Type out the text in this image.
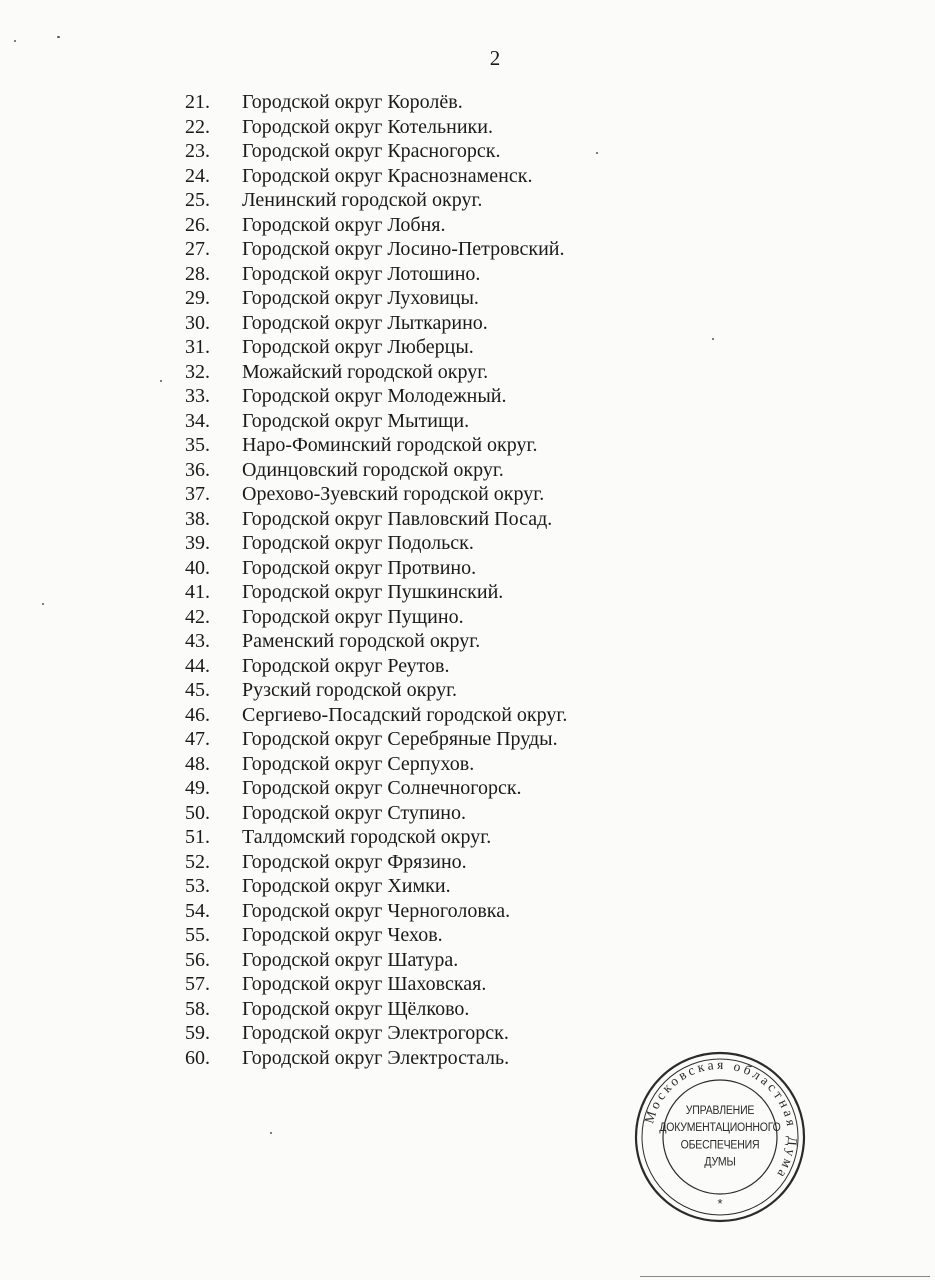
2
21. Городской округ Королёв.
22. Городской округ Котельники.
23. Городской округ Красногорск.
24. Городской округ Краснознаменск.
25. Ленинский городской округ.
26. Городской округ Лобня.
27. Городской округ Лосино-Петровский.
28. Городской округ Лотошино.
29. Городской округ Луховицы.
30. Городской округ Лыткарино.
31. Городской округ Люберцы.
32. Можайский городской округ.
33. Городской округ Молодежный.
34. Городской округ Мытищи.
35. Наро-Фоминский городской округ.
36. Одинцовский городской округ.
37. Орехово-Зуевский городской округ.
38. Городской округ Павловский Посад.
39. Городской округ Подольск.
40. Городской округ Протвино.
41. Городской округ Пушкинский.
42. Городской округ Пущино.
43. Раменский городской округ.
44. Городской округ Реутов.
45. Рузский городской округ.
46. Сергиево-Посадский городской округ.
47. Городской округ Серебряные Пруды.
48. Городской округ Серпухов.
49. Городской округ Солнечногорск.
50. Городской округ Ступино.
51. Талдомский городской округ.
52. Городской округ Фрязино.
53. Городской округ Химки.
54. Городской округ Черноголовка.
55. Городской округ Чехов.
56. Городской округ Шатура.
57. Городской округ Шаховская.
58. Городской округ Щёлково.
59. Городской округ Электрогорск.
60. Городской округ Электросталь.
Московская областная Дума
*
УПРАВЛЕНИЕ
ДОКУМЕНТАЦИОННОГО
ОБЕСПЕЧЕНИЯ
ДУМЫ
